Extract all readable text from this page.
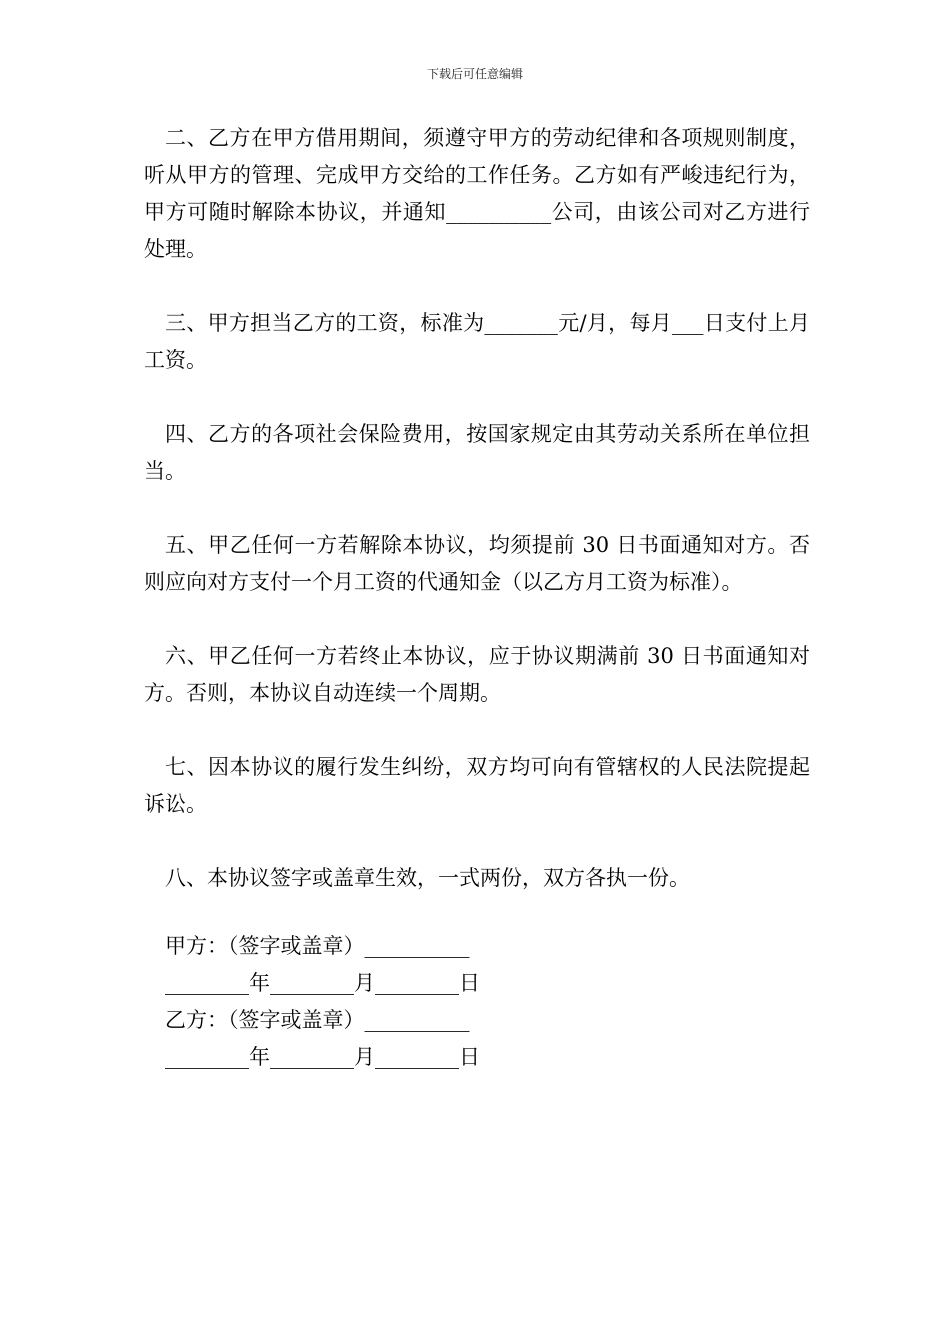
下载后可任意编辑

二、乙方在甲方借用期间，须遵守甲方的劳动纪律和各项规则制度，听从甲方的管理、完成甲方交给的工作任务。乙方如有严峻违纪行为，甲方可随时解除本协议，并通知__________公司，由该公司对乙方进行处理。

三、甲方担当乙方的工资，标准为_______元/月，每月___日支付上月工资。

四、乙方的各项社会保险费用，按国家规定由其劳动关系所在单位担当。

五、甲乙任何一方若解除本协议，均须提前 30 日书面通知对方。否则应向对方支付一个月工资的代通知金（以乙方月工资为标准）。

六、甲乙任何一方若终止本协议，应于协议期满前 30 日书面通知对方。否则，本协议自动连续一个周期。

七、因本协议的履行发生纠纷，双方均可向有管辖权的人民法院提起诉讼。

八、本协议签字或盖章生效，一式两份，双方各执一份。

甲方：（签字或盖章）__________
________年________月________日
乙方：（签字或盖章）__________
________年________月________日
